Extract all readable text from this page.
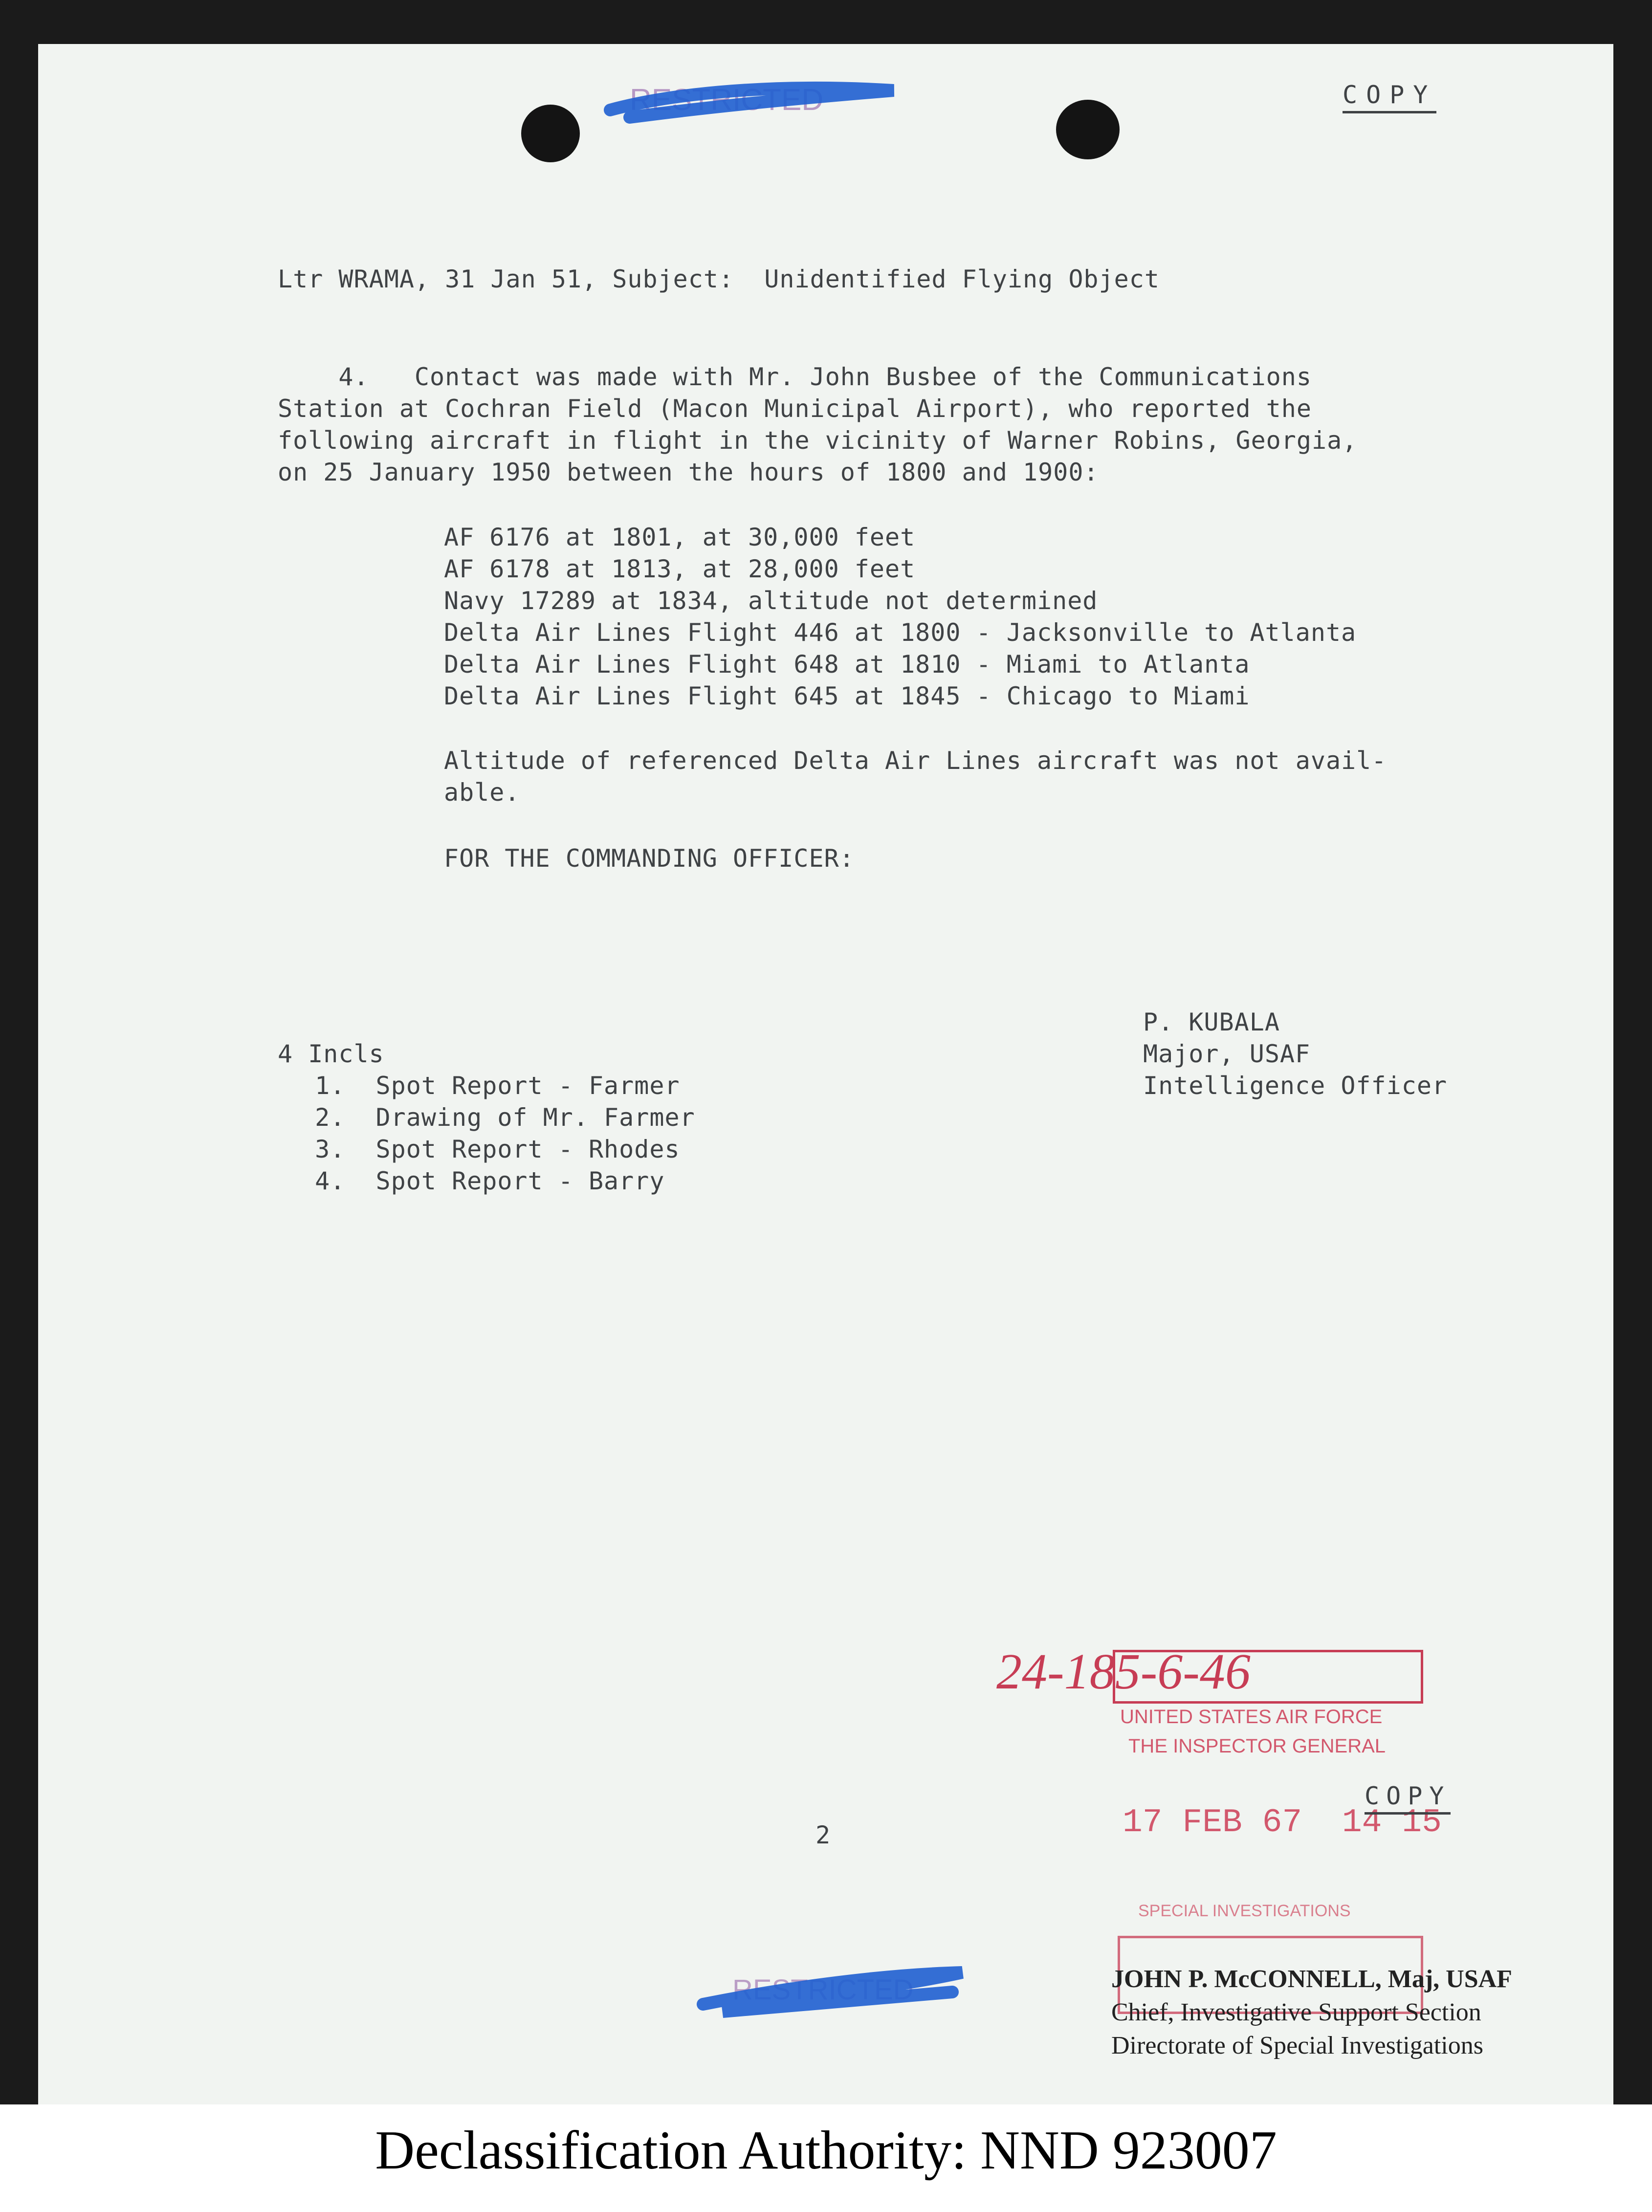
RESTRICTED	COPY
Ltr WRAMA, 31 Jan 51, Subject:  Unidentified Flying Object
4.   Contact was made with Mr. John Busbee of the Communications
Station at Cochran Field (Macon Municipal Airport), who reported the
following aircraft in flight in the vicinity of Warner Robins, Georgia,
on 25 January 1950 between the hours of 1800 and 1900:
AF 6176 at 1801, at 30,000 feet
AF 6178 at 1813, at 28,000 feet
Navy 17289 at 1834, altitude not determined
Delta Air Lines Flight 446 at 1800 - Jacksonville to Atlanta
Delta Air Lines Flight 648 at 1810 - Miami to Atlanta
Delta Air Lines Flight 645 at 1845 - Chicago to Miami
Altitude of referenced Delta Air Lines aircraft was not avail-
able.
FOR THE COMMANDING OFFICER:
P. KUBALA
Major, USAF
Intelligence Officer
4 Incls
1.  Spot Report - Farmer
2.  Drawing of Mr. Farmer
3.  Spot Report - Rhodes
4.  Spot Report - Barry
2
24-185-6-46
UNITED STATES AIR FORCE
THE INSPECTOR GENERAL
17 FEB 67  14 15
SPECIAL INVESTIGATIONS
COPY
JOHN P. McCONNELL, Maj, USAF
Chief, Investigative Support Section
Directorate of Special Investigations
RESTRICTED
Declassification Authority: NND 923007
